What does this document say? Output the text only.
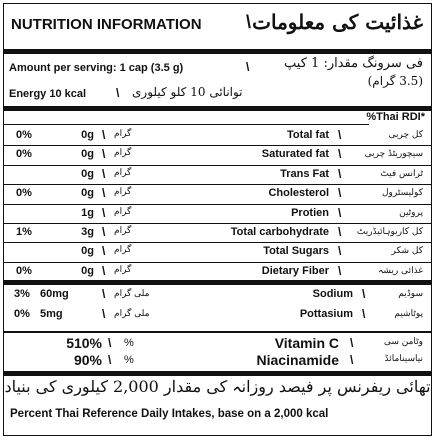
NUTRITION INFORMATION \ غذائیت کی معلومات
Amount per serving: 1 cap (3.5 g)	\	فی سرونگ مقدار: 1 کیپ
(3.5 گرام)
Energy 10 kcal \ توانائی 10 کلو کیلوری
%Thai RDI*
0%	0g \ گرام	Total fat \	کل چربی
0%	0g \ گرام	Saturated fat \	سیچوریٹڈ چربی
0g \ گرام	Trans Fat \	ٹرانس فیٹ
0%	0g \ گرام	Cholesterol \	کولیسٹرول
1g \ گرام	Protien \	پروٹین
1%	3g \ گرام	Total carbohydrate \ کل کاربوہائیڈریٹ
0g \ گرام	Total Sugars \	کل شکر
0%	0g \ گرام	Dietary Fiber \	غذائی ریشہ
3% 60mg	\ ملی گرام	Sodium \	سوڈیم
0% 5mg	\ ملی گرام	Pottasium \	پوٹاشیم
510% \ %	Vitamin C \	وٹامن سی
90% \ %	Niacinamide \	نیاسینامائڈ
تھائی ریفرنس پر فیصد روزانہ کی مقدار 2,000 کیلوری کی بنیاد
Percent Thai Reference Daily Intakes, base on a 2,000 kcal
